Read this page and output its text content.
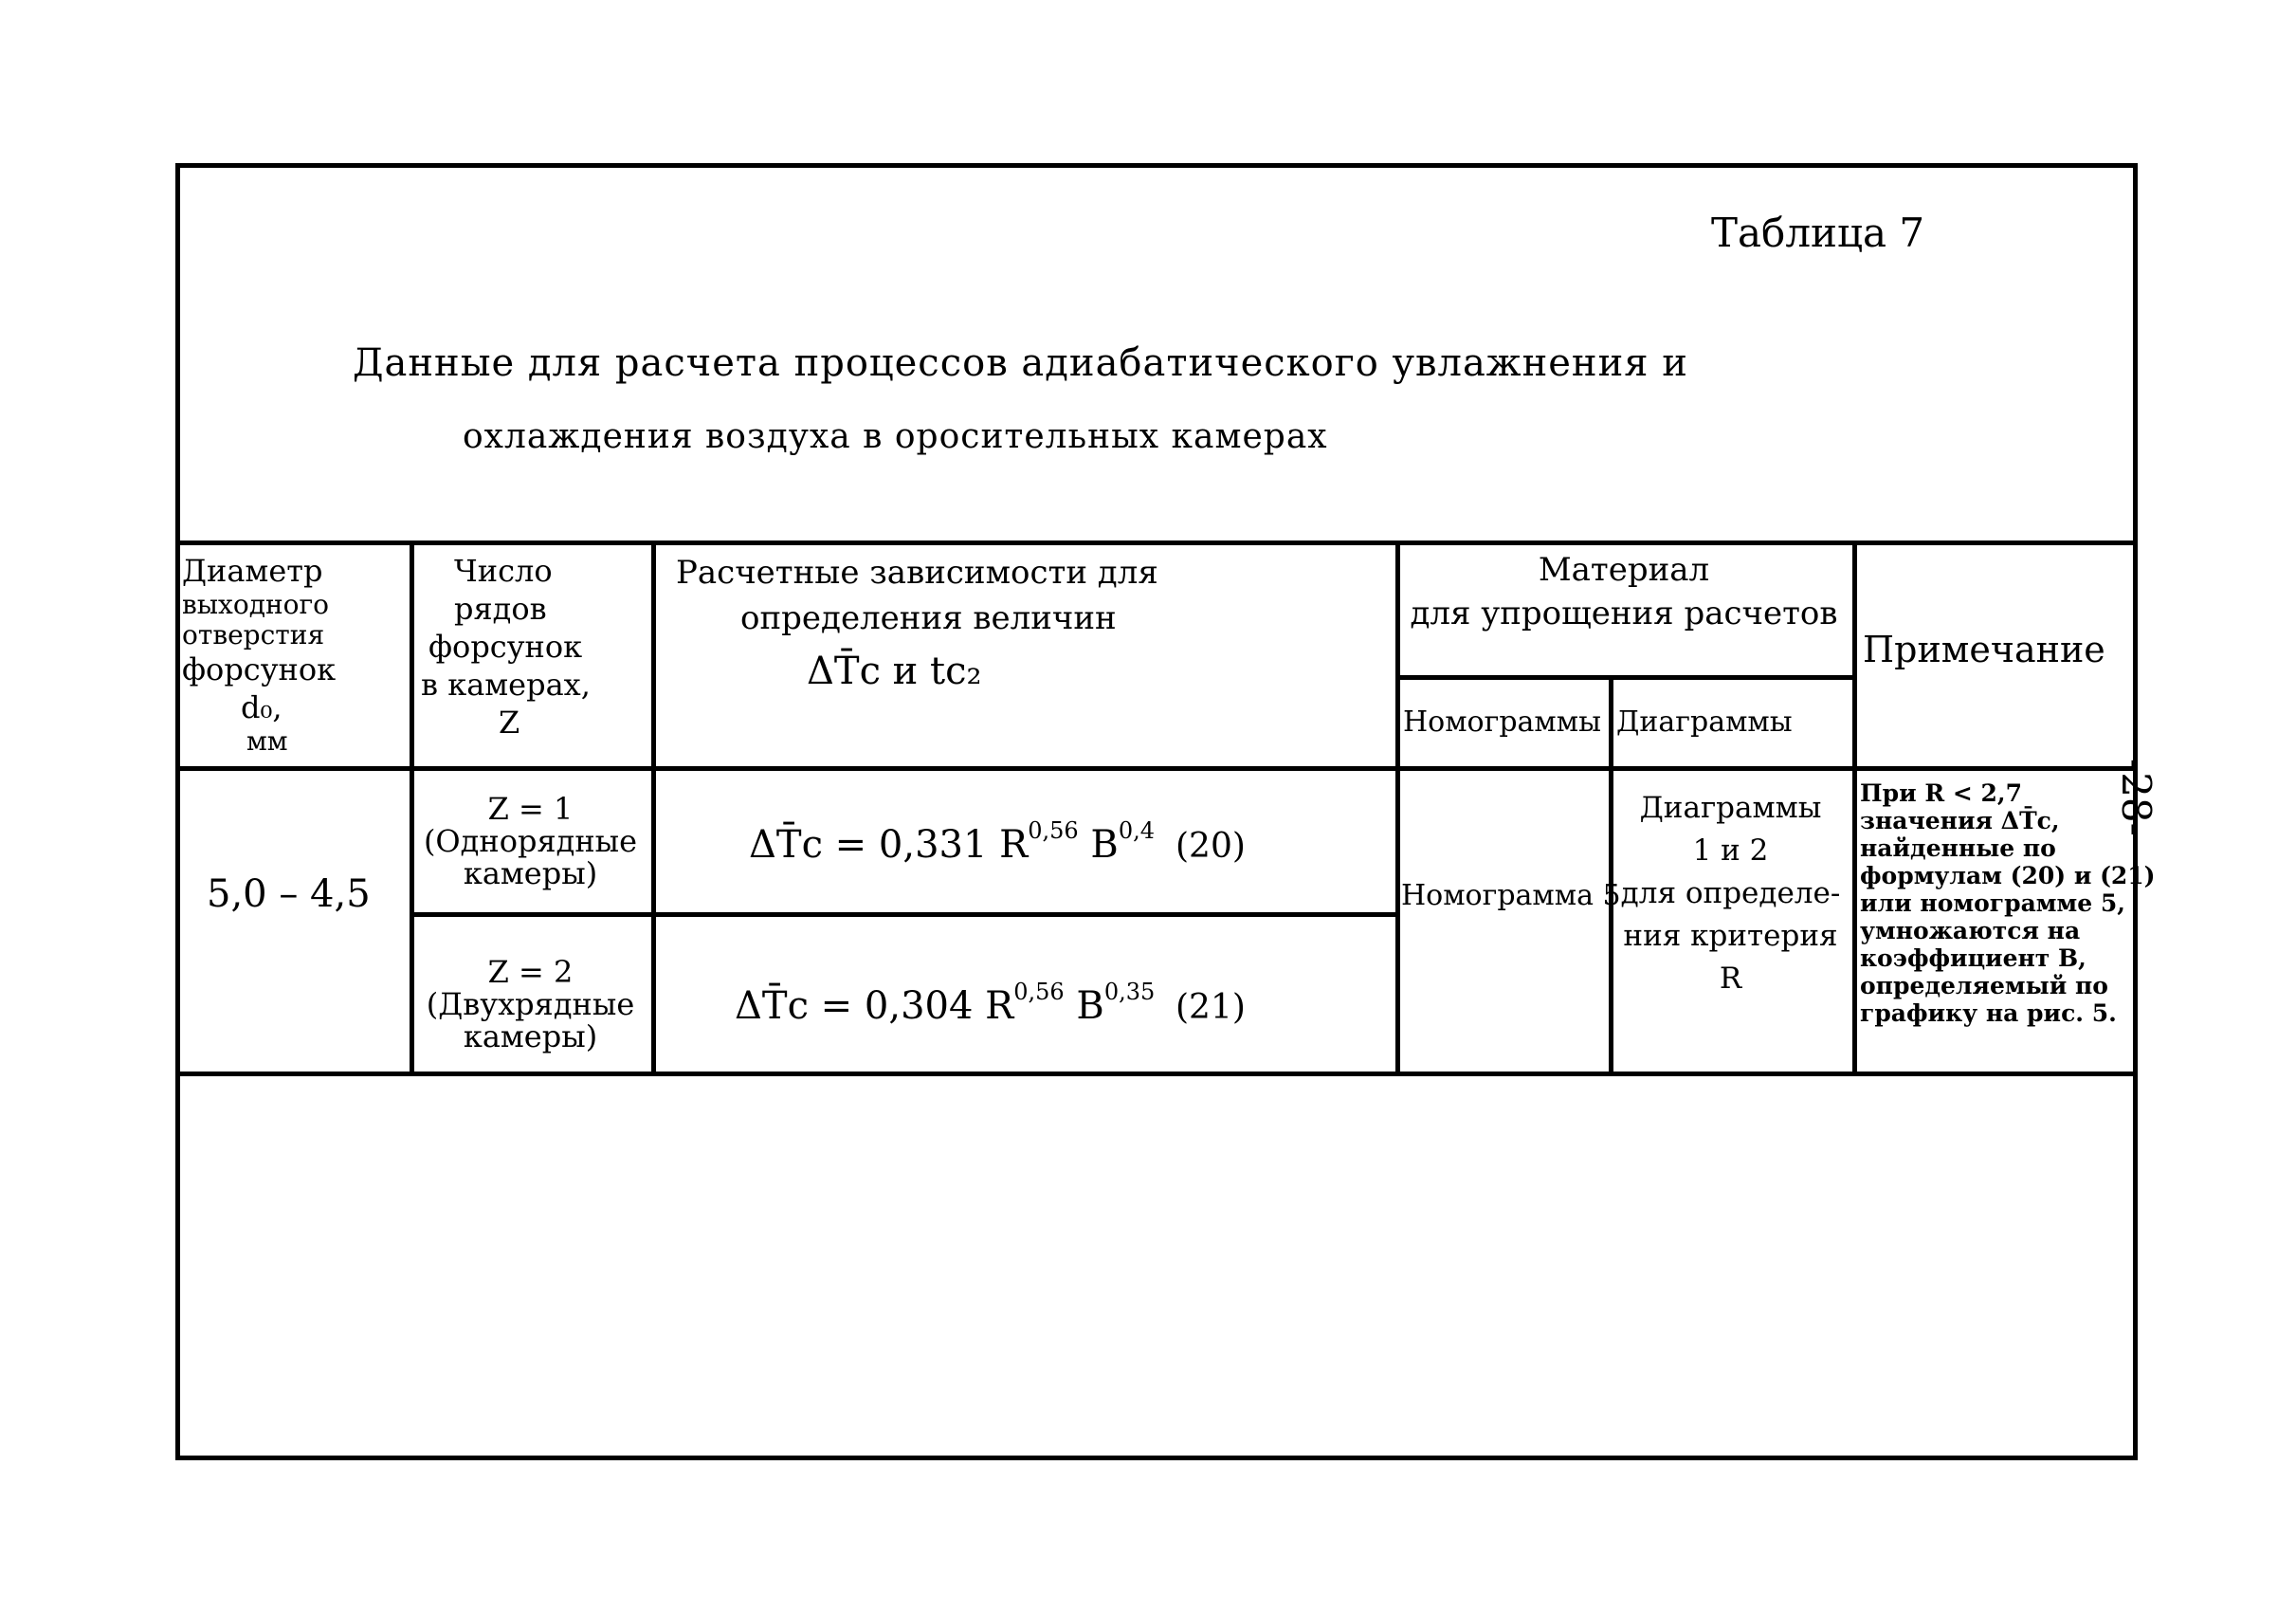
Таблица 7
Данные для расчета процессов адиабатического увлажнения и
охлаждения воздуха в оросительных камерах
Диаметр
выходного
отверстия
форсунок
d₀,
мм
Число
рядов
форсунок
в камерах,
Z
Расчетные зависимости для
определения величин
ΔT̄c и tc₂
Материал
для упрощения расчетов
Номограммы Диаграммы
Примечание
5,0 – 4,5
Z = 1
(Однорядные
камеры)
ΔT̄c = 0,331 R$^{0,56}$ B$^{0,4}$ (20)
Z = 2
(Двухрядные
камеры)
ΔT̄c = 0,304 R$^{0,56}$ B$^{0,35}$ (21)
Номограмма 5
Диаграммы
1 и 2
для определе-
ния критерия
R
При R < 2,7
значения ΔT̄c,
найденные по
формулам (20) и (21)
или номограмме 5,
умножаются на
коэффициент B,
определяемый по
графику на рис. 5.
-28-
